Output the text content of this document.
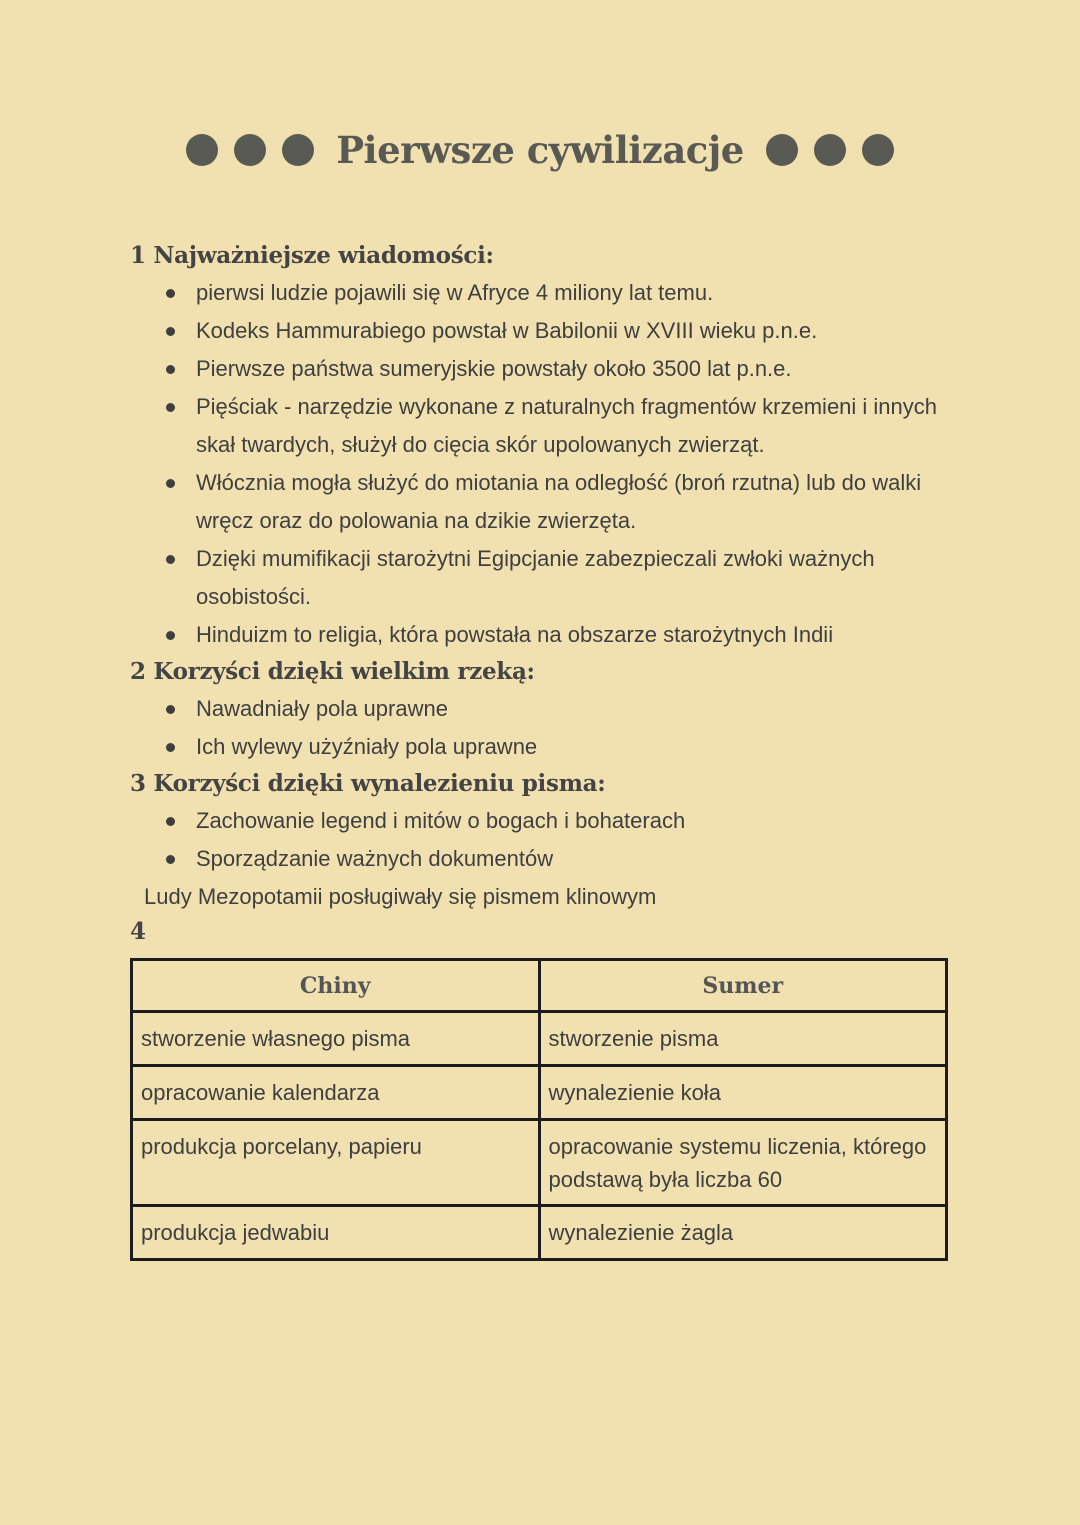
Pierwsze cywilizacje
1 Najważniejsze wiadomości:
pierwsi ludzie pojawili się w Afryce 4 miliony lat temu.
Kodeks Hammurabiego powstał w Babilonii w XVIII wieku p.n.e.
Pierwsze państwa sumeryjskie powstały około 3500 lat p.n.e.
Pięściak - narzędzie wykonane z naturalnych fragmentów krzemieni i innych skał twardych, służył do cięcia skór upolowanych zwierząt.
Włócznia mogła służyć do miotania na odległość (broń rzutna) lub do walki wręcz oraz do polowania na dzikie zwierzęta.
Dzięki mumifikacji starożytni Egipcjanie zabezpieczali zwłoki ważnych osobistości.
Hinduizm to religia, która powstała na obszarze starożytnych Indii
2 Korzyści dzięki wielkim rzeką:
Nawadniały pola uprawne
Ich wylewy użyźniały pola uprawne
3 Korzyści dzięki wynalezieniu pisma:
Zachowanie legend i mitów o bogach i bohaterach
Sporządzanie ważnych dokumentów
Ludy Mezopotamii posługiwały się pismem klinowym
4
Chiny	Sumer
stworzenie własnego pisma	stworzenie pisma
opracowanie kalendarza	wynalezienie koła
produkcja porcelany, papieru	opracowanie systemu liczenia, którego podstawą była liczba 60
produkcja jedwabiu	wynalezienie żagla
